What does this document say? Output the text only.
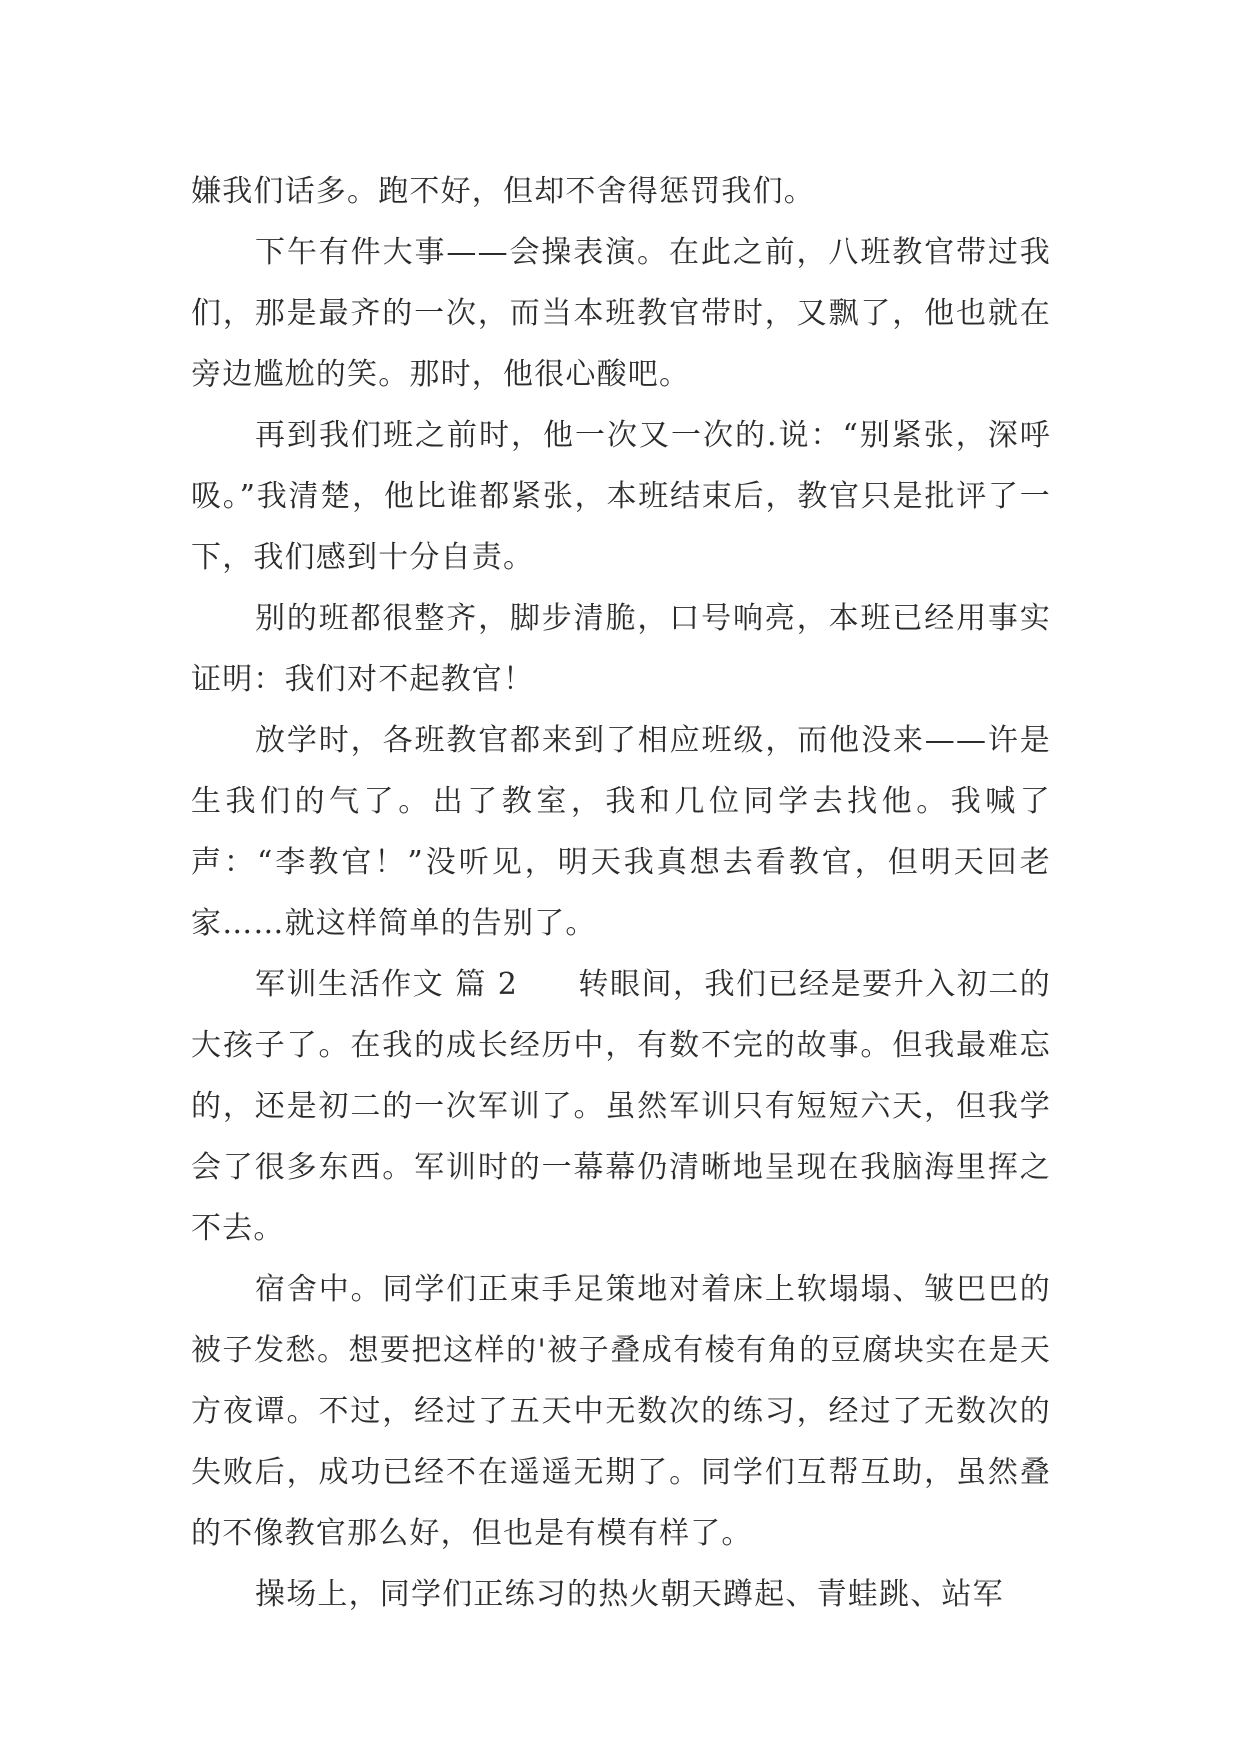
嫌我们话多。跑不好，但却不舍得惩罚我们。

下午有件大事——会操表演。在此之前，八班教官带过我们，那是最齐的一次，而当本班教官带时，又飘了，他也就在旁边尴尬的笑。那时，他很心酸吧。

再到我们班之前时，他一次又一次的.说：“别紧张，深呼吸。”我清楚，他比谁都紧张，本班结束后，教官只是批评了一下，我们感到十分自责。

别的班都很整齐，脚步清脆，口号响亮，本班已经用事实证明：我们对不起教官！

放学时，各班教官都来到了相应班级，而他没来——许是生我们的气了。出了教室，我和几位同学去找他。我喊了声：“李教官！”没听见，明天我真想去看教官，但明天回老家……就这样简单的告别了。

军训生活作文 篇 2 转眼间，我们已经是要升入初二的大孩子了。在我的成长经历中，有数不完的故事。但我最难忘的，还是初二的一次军训了。虽然军训只有短短六天，但我学会了很多东西。军训时的一幕幕仍清晰地呈现在我脑海里挥之不去。

宿舍中。同学们正束手足策地对着床上软塌塌、皱巴巴的被子发愁。想要把这样的'被子叠成有棱有角的豆腐块实在是天方夜谭。不过，经过了五天中无数次的练习，经过了无数次的失败后，成功已经不在遥遥无期了。同学们互帮互助，虽然叠的不像教官那么好，但也是有模有样了。

操场上，同学们正练习的热火朝天蹲起、青蛙跳、站军
